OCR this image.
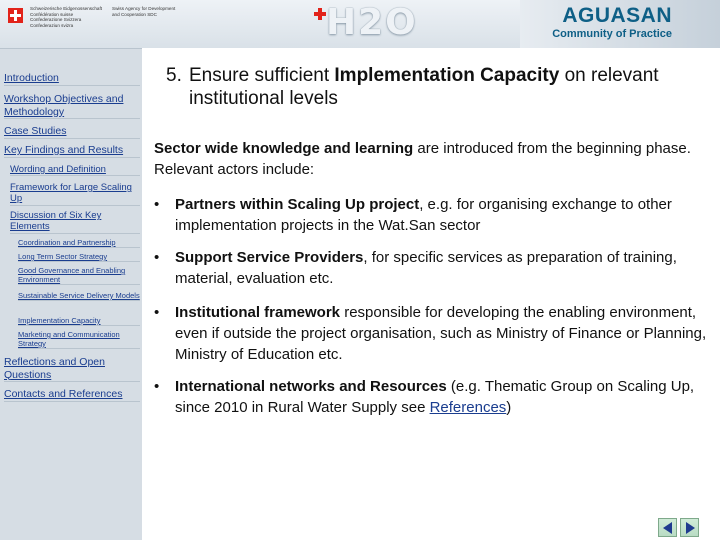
Schweizerische Eidgenossenschaft
Confédération suisse
Confederazione Svizzera
Confederaziun svizra
Swiss Agency for Development
and Cooperation SDC	H2O	AGUASAN
Community of Practice
Introduction
Workshop Objectives and Methodology
Case Studies
Key Findings and Results
Wording and Definition
Framework for Large Scaling Up
Discussion of Six Key Elements
Coordination and Partnership
Long Term Sector Strategy
Good Governance and Enabling Environment
Sustainable Service Delivery Models
Implementation Capacity
Marketing and Communication Strategy
Reflections and Open Questions
Contacts and References
5. Ensure sufficient Implementation Capacity on relevant institutional levels
Sector wide knowledge and learning are introduced from the beginning phase. Relevant actors include:
• Partners within Scaling Up project, e.g. for organising exchange to other implementation projects in the Wat.San sector
• Support Service Providers, for specific services as preparation of training, material, evaluation etc.
• Institutional framework responsible for developing the enabling environment, even if outside the project organisation, such as Ministry of Finance or Planning, Ministry of Education etc.
• International networks and Resources (e.g. Thematic Group on Scaling Up, since 2010 in Rural Water Supply see References)
